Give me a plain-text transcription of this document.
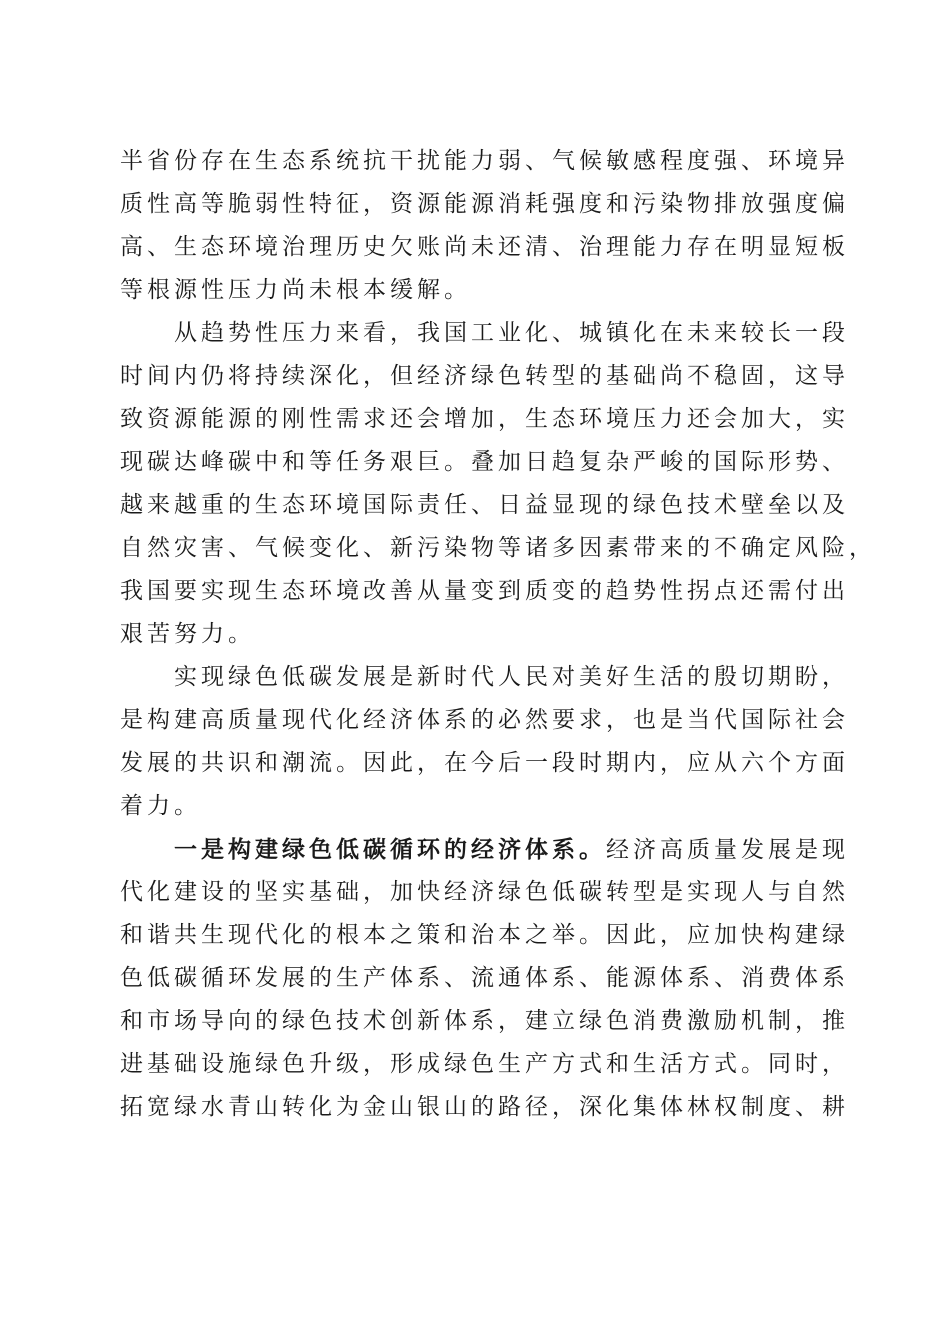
半省份存在生态系统抗干扰能力弱、气候敏感程度强、环境异
质性高等脆弱性特征，资源能源消耗强度和污染物排放强度偏
高、生态环境治理历史欠账尚未还清、治理能力存在明显短板
等根源性压力尚未根本缓解。
从趋势性压力来看，我国工业化、城镇化在未来较长一段
时间内仍将持续深化，但经济绿色转型的基础尚不稳固，这导
致资源能源的刚性需求还会增加，生态环境压力还会加大，实
现碳达峰碳中和等任务艰巨。叠加日趋复杂严峻的国际形势、
越来越重的生态环境国际责任、日益显现的绿色技术壁垒以及
自然灾害、气候变化、新污染物等诸多因素带来的不确定风险，
我国要实现生态环境改善从量变到质变的趋势性拐点还需付出
艰苦努力。
实现绿色低碳发展是新时代人民对美好生活的殷切期盼，
是构建高质量现代化经济体系的必然要求，也是当代国际社会
发展的共识和潮流。因此，在今后一段时期内，应从六个方面
着力。
一是构建绿色低碳循环的经济体系。经济高质量发展是现
代化建设的坚实基础，加快经济绿色低碳转型是实现人与自然
和谐共生现代化的根本之策和治本之举。因此，应加快构建绿
色低碳循环发展的生产体系、流通体系、能源体系、消费体系
和市场导向的绿色技术创新体系，建立绿色消费激励机制，推
进基础设施绿色升级，形成绿色生产方式和生活方式。同时，
拓宽绿水青山转化为金山银山的路径，深化集体林权制度、耕
